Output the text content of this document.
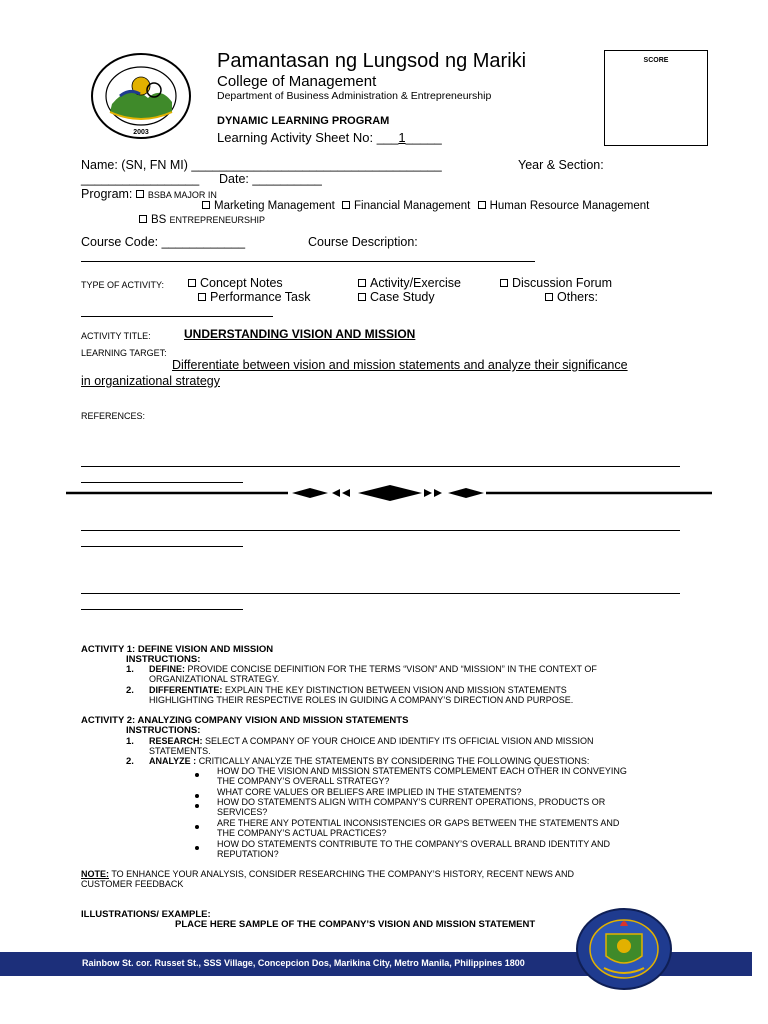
2003
Pamantasan ng Lungsod ng Mariki
College of Management
Department of Business Administration & Entrepreneurship
DYNAMIC LEARNING PROGRAM
Learning Activity Sheet No: ___1_____
SCORE
Name: (SN, FN MI) ____________________________________	Year & Section:
_________________ Date: __________
Program: BSBA MAJOR IN
Marketing Management Financial Management Human Resource Management
BS ENTREPRENEURSHIP
Course Code: ____________	Course Description:
TYPE OF ACTIVITY:	Concept Notes	Activity/Exercise	Discussion Forum
Performance Task	Case Study	Others:
ACTIVITY TITLE:	UNDERSTANDING VISION AND MISSION
LEARNING TARGET:
Differentiate between vision and mission statements and analyze their significance
in organizational strategy
REFERENCES:
ACTIVITY 1: DEFINE VISION AND MISSION
INSTRUCTIONS:
1. DEFINE: PROVIDE CONCISE DEFINITION FOR THE TERMS “VISON” AND “MISSION” IN THE CONTEXT OF
ORGANIZATIONAL STRATEGY.
2. DIFFERENTIATE: EXPLAIN THE KEY DISTINCTION BETWEEN VISION AND MISSION STATEMENTS
HIGHLIGHTING THEIR RESPECTIVE ROLES IN GUIDING A COMPANY’S DIRECTION AND PURPOSE.
ACTIVITY 2: ANALYZING COMPANY VISION AND MISSION STATEMENTS
INSTRUCTIONS:
1. RESEARCH: SELECT A COMPANY OF YOUR CHOICE AND IDENTIFY ITS OFFICIAL VISION AND MISSION
STATEMENTS.
2. ANALYZE : CRITICALLY ANALYZE THE STATEMENTS BY CONSIDERING THE FOLLOWING QUESTIONS:
HOW DO THE VISION AND MISSION STATEMENTS COMPLEMENT EACH OTHER IN CONVEYING
THE COMPANY’S OVERALL STRATEGY?
WHAT CORE VALUES OR BELIEFS ARE IMPLIED IN THE STATEMENTS?
HOW DO STATEMENTS ALIGN WITH COMPANY’S CURRENT OPERATIONS, PRODUCTS OR
SERVICES?
ARE THERE ANY POTENTIAL INCONSISTENCIES OR GAPS BETWEEN THE STATEMENTS AND
THE COMPANY’S ACTUAL PRACTICES?
HOW DO STATEMENTS CONTRIBUTE TO THE COMPANY’S OVERALL BRAND IDENTITY AND
REPUTATION?
NOTE: TO ENHANCE YOUR ANALYSIS, CONSIDER RESEARCHING THE COMPANY’S HISTORY, RECENT NEWS AND
CUSTOMER FEEDBACK
ILLUSTRATIONS/ EXAMPLE:
PLACE HERE SAMPLE OF THE COMPANY’S VISION AND MISSION STATEMENT
Rainbow St. cor. Russet St., SSS Village, Concepcion Dos, Marikina City, Metro Manila, Philippines 1800
